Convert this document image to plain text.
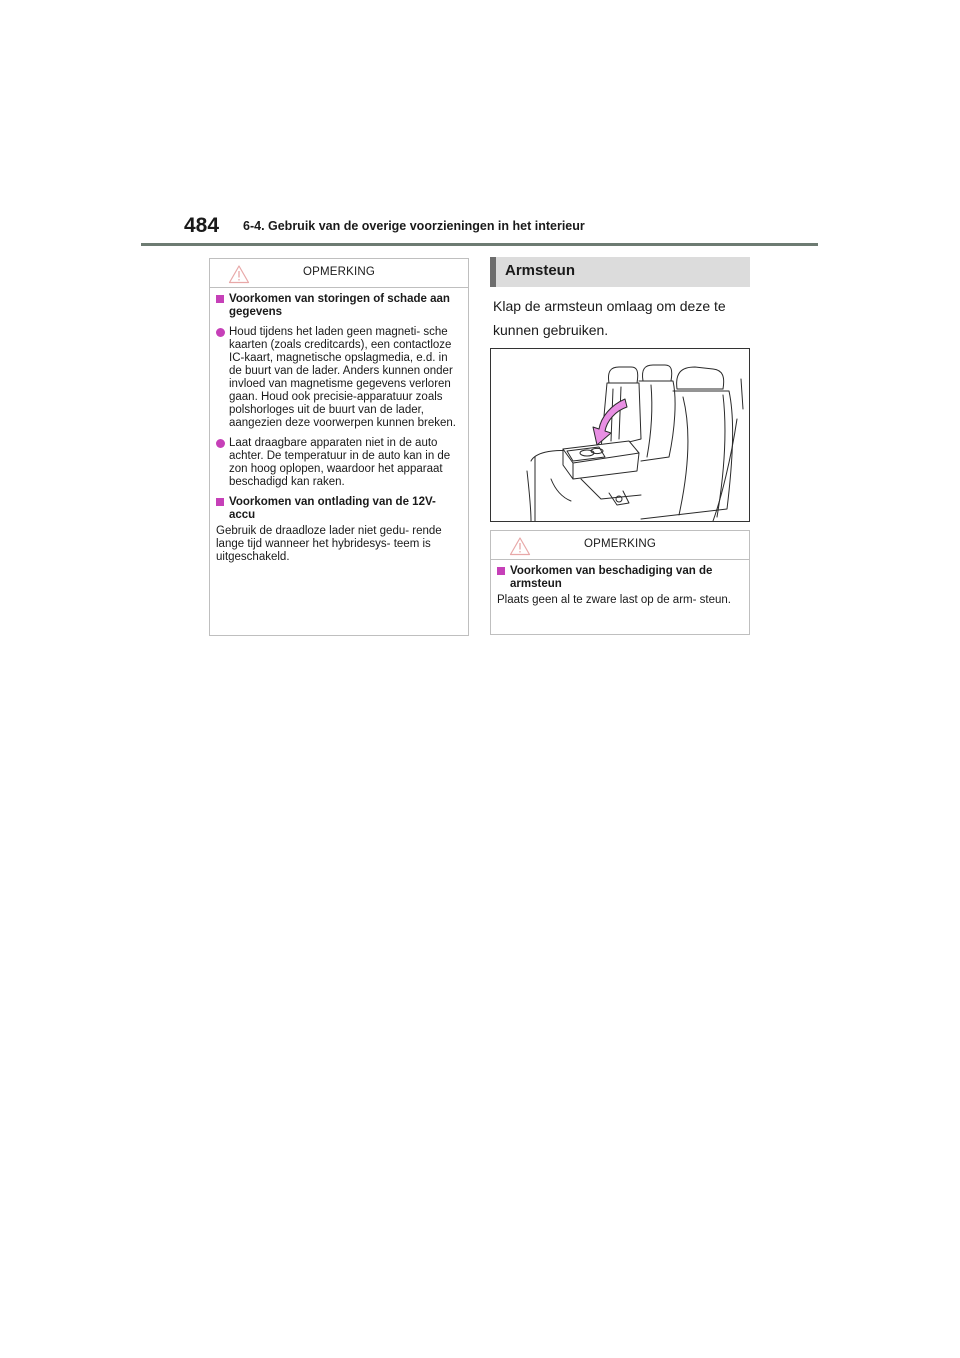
484 6-4. Gebruik van de overige voorzieningen in het interieur
OPMERKING
Voorkomen van storingen of schade aan gegevens
Houd tijdens het laden geen magneti- sche kaarten (zoals creditcards), een contactloze IC-kaart, magnetische opslagmedia, e.d. in de buurt van de lader. Anders kunnen onder invloed van magnetisme gegevens verloren gaan. Houd ook precisie-apparatuur zoals polshorloges uit de buurt van de lader, aangezien deze voorwerpen kunnen breken.
Laat draagbare apparaten niet in de auto achter. De temperatuur in de auto kan in de zon hoog oplopen, waardoor het apparaat beschadigd kan raken.
Voorkomen van ontlading van de 12V-accu
Gebruik de draadloze lader niet gedu- rende lange tijd wanneer het hybridesys- teem is uitgeschakeld.
Armsteun
Klap de armsteun omlaag om deze te kunnen gebruiken.
OPMERKING
Voorkomen van beschadiging van de armsteun
Plaats geen al te zware last op de arm- steun.
